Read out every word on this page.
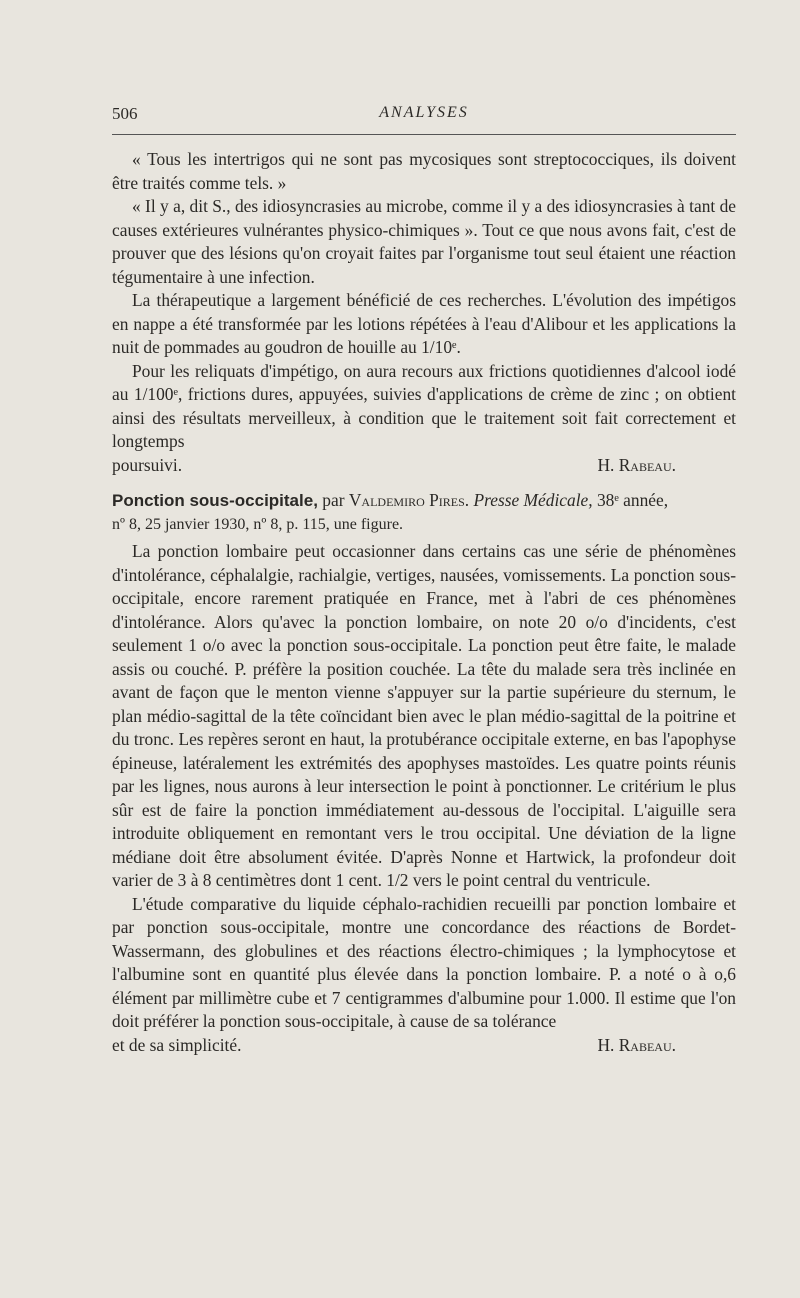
506	ANALYSES

« Tous les intertrigos qui ne sont pas mycosiques sont streptococciques, ils doivent être traités comme tels. »

« Il y a, dit S., des idiosyncrasies au microbe, comme il y a des idiosyncrasies à tant de causes extérieures vulnérantes physico-chimiques ». Tout ce que nous avons fait, c'est de prouver que des lésions qu'on croyait faites par l'organisme tout seul étaient une réaction tégumentaire à une infection.

La thérapeutique a largement bénéficié de ces recherches. L'évolution des impétigos en nappe a été transformée par les lotions répétées à l'eau d'Alibour et les applications la nuit de pommades au goudron de houille au 1/10ᵉ.

Pour les reliquats d'impétigo, on aura recours aux frictions quotidiennes d'alcool iodé au 1/100ᵉ, frictions dures, appuyées, suivies d'applications de crème de zinc ; on obtient ainsi des résultats merveilleux, à condition que le traitement soit fait correctement et longtemps

poursuivi.	H. Rabeau.

Ponction sous-occipitale, par Valdemiro Pires. Presse Médicale, 38ᵉ année,

nº 8, 25 janvier 1930, nº 8, p. 115, une figure.

La ponction lombaire peut occasionner dans certains cas une série de phénomènes d'intolérance, céphalalgie, rachialgie, vertiges, nausées, vomissements. La ponction sous-occipitale, encore rarement pratiquée en France, met à l'abri de ces phénomènes d'intolérance. Alors qu'avec la ponction lombaire, on note 20 o/o d'incidents, c'est seulement 1 o/o avec la ponction sous-occipitale. La ponction peut être faite, le malade assis ou couché. P. préfère la position couchée. La tête du malade sera très inclinée en avant de façon que le menton vienne s'appuyer sur la partie supérieure du sternum, le plan médio-sagittal de la tête coïncidant bien avec le plan médio-sagittal de la poitrine et du tronc. Les repères seront en haut, la protubérance occipitale externe, en bas l'apophyse épineuse, latéralement les extrémités des apophyses mastoïdes. Les quatre points réunis par les lignes, nous aurons à leur intersection le point à ponctionner. Le critérium le plus sûr est de faire la ponction immédiatement au-dessous de l'occipital. L'aiguille sera introduite obliquement en remontant vers le trou occipital. Une déviation de la ligne médiane doit être absolument évitée. D'après Nonne et Hartwick, la profondeur doit varier de 3 à 8 centimètres dont 1 cent. 1/2 vers le point central du ventricule.

L'étude comparative du liquide céphalo-rachidien recueilli par ponction lombaire et par ponction sous-occipitale, montre une concordance des réactions de Bordet-Wassermann, des globulines et des réactions électro-chimiques ; la lymphocytose et l'albumine sont en quantité plus élevée dans la ponction lombaire. P. a noté o à o,6 élément par millimètre cube et 7 centigrammes d'albumine pour 1.000. Il estime que l'on doit préférer la ponction sous-occipitale, à cause de sa tolérance

et de sa simplicité.	H. Rabeau.
